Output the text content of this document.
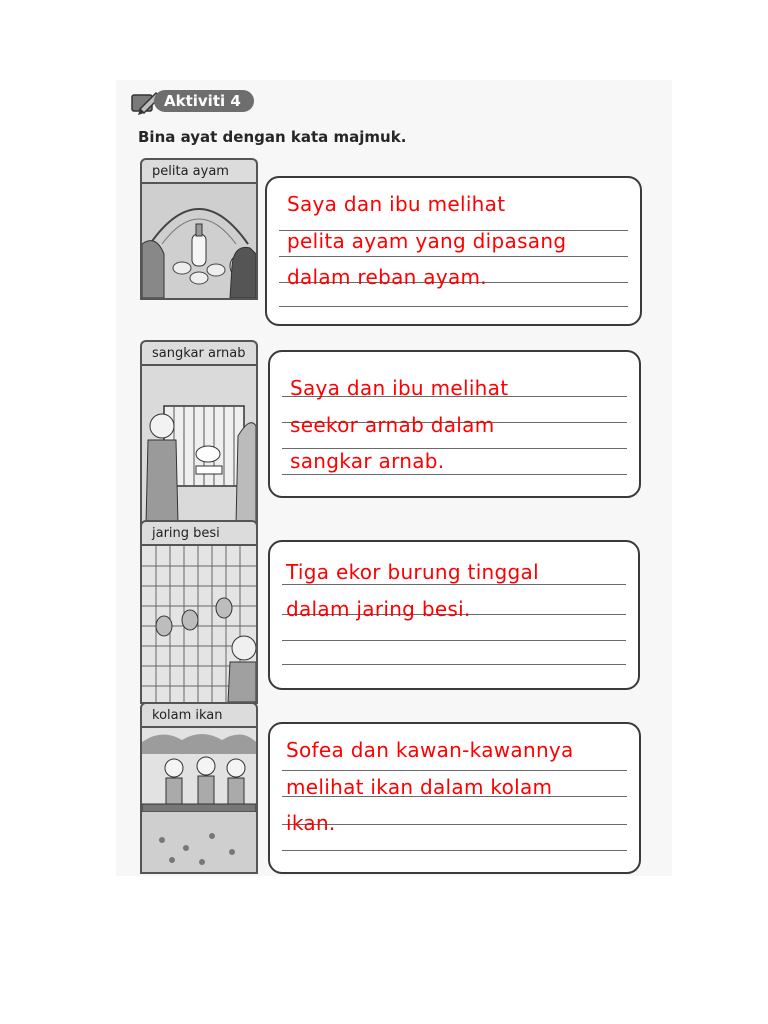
Aktiviti 4
Bina ayat dengan kata majmuk.
pelita ayam
Saya dan ibu melihat
pelita ayam yang dipasang
dalam reban ayam.
sangkar arnab
Saya dan ibu melihat
seekor arnab dalam
sangkar arnab.
jaring besi
Tiga ekor burung tinggal
dalam jaring besi.
kolam ikan
Sofea dan kawan-kawannya
melihat ikan dalam kolam
ikan.
